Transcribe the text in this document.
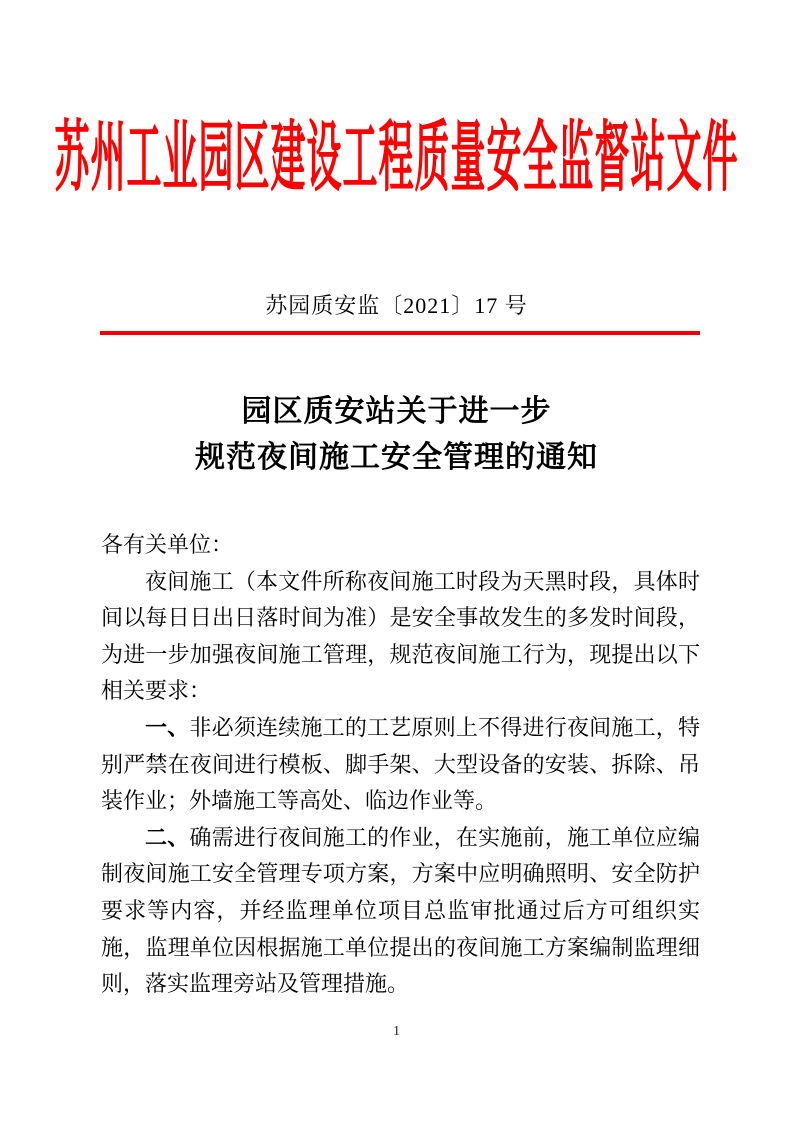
苏州工业园区建设工程质量安全监督站文件
苏园质安监〔2021〕17 号
园区质安站关于进一步
规范夜间施工安全管理的通知

各有关单位：

夜间施工（本文件所称夜间施工时段为天黑时段，具体时间以每日日出日落时间为准）是安全事故发生的多发时间段，为进一步加强夜间施工管理，规范夜间施工行为，现提出以下相关要求：

一、非必须连续施工的工艺原则上不得进行夜间施工，特别严禁在夜间进行模板、脚手架、大型设备的安装、拆除、吊装作业；外墙施工等高处、临边作业等。

二、确需进行夜间施工的作业，在实施前，施工单位应编制夜间施工安全管理专项方案，方案中应明确照明、安全防护要求等内容，并经监理单位项目总监审批通过后方可组织实施，监理单位因根据施工单位提出的夜间施工方案编制监理细则，落实监理旁站及管理措施。

1
